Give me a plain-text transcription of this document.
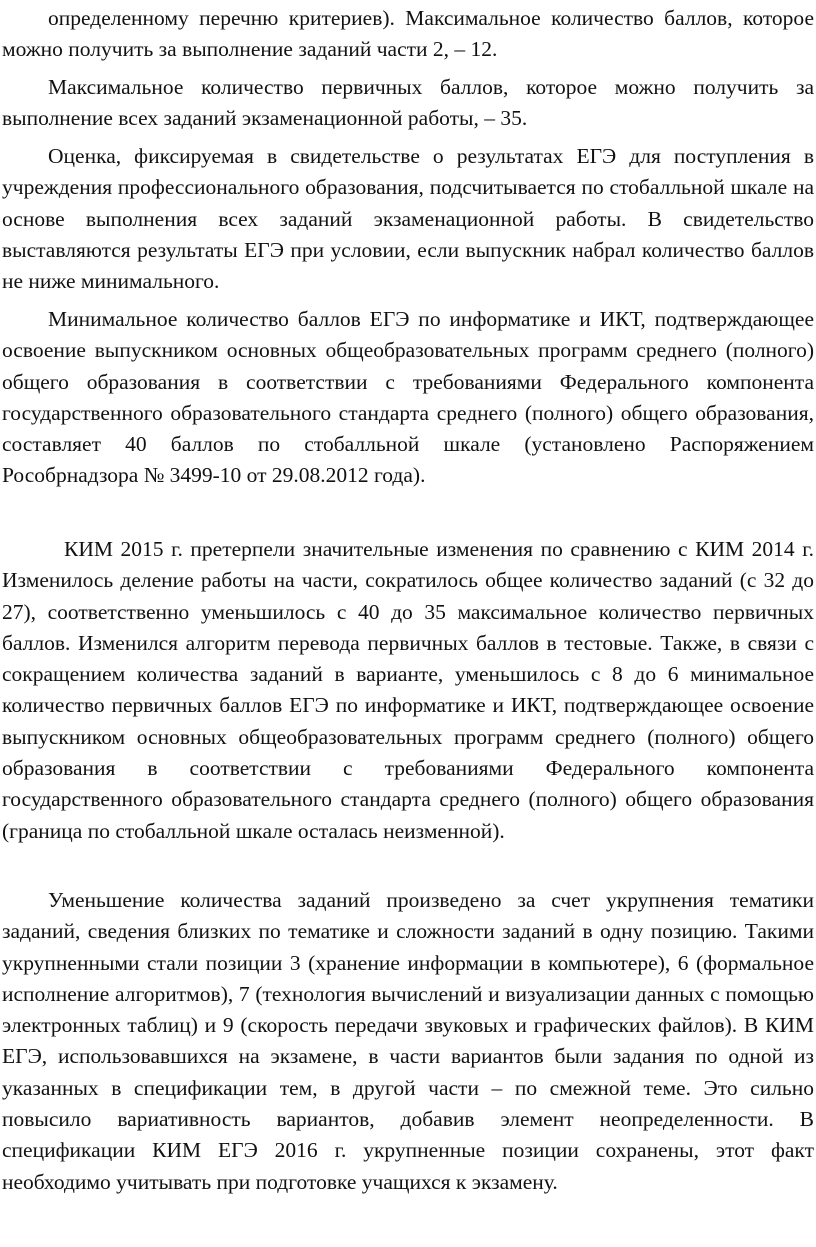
определенному перечню критериев). Максимальное количество баллов, которое можно получить за выполнение заданий части 2, – 12.

Максимальное количество первичных баллов, которое можно получить за выполнение всех заданий экзаменационной работы, – 35.

Оценка, фиксируемая в свидетельстве о результатах ЕГЭ для поступления в учреждения профессионального образования, подсчитывается по стобалльной шкале на основе выполнения всех заданий экзаменационной работы. В свидетельство выставляются результаты ЕГЭ при условии, если выпускник набрал количество баллов не ниже минимального.

Минимальное количество баллов ЕГЭ по информатике и ИКТ, подтверждающее освоение выпускником основных общеобразовательных программ среднего (полного) общего образования в соответствии с требованиями Федерального компонента государственного образовательного стандарта среднего (полного) общего образования, составляет 40 баллов по стобалльной шкале (установлено Распоряжением Рособрнадзора № 3499-10 от 29.08.2012 года).

КИМ 2015 г. претерпели значительные изменения по сравнению с КИМ 2014 г. Изменилось деление работы на части, сократилось общее количество заданий (с 32 до 27), соответственно уменьшилось с 40 до 35 максимальное количество первичных баллов. Изменился алгоритм перевода первичных баллов в тестовые. Также, в связи с сокращением количества заданий в варианте, уменьшилось с 8 до 6 минимальное количество первичных баллов ЕГЭ по информатике и ИКТ, подтверждающее освоение выпускником основных общеобразовательных программ среднего (полного) общего образования в соответствии с требованиями Федерального компонента государственного образовательного стандарта среднего (полного) общего образования (граница по стобалльной шкале осталась неизменной).

Уменьшение количества заданий произведено за счет укрупнения тематики заданий, сведения близких по тематике и сложности заданий в одну позицию. Такими укрупненными стали позиции 3 (хранение информации в компьютере), 6 (формальное исполнение алгоритмов), 7 (технология вычислений и визуализации данных с помощью электронных таблиц) и 9 (скорость передачи звуковых и графических файлов). В КИМ ЕГЭ, использовавшихся на экзамене, в части вариантов были задания по одной из указанных в спецификации тем, в другой части – по смежной теме. Это сильно повысило вариативность вариантов, добавив элемент неопределенности. В спецификации КИМ ЕГЭ 2016 г. укрупненные позиции сохранены, этот факт необходимо учитывать при подготовке учащихся к экзамену.
